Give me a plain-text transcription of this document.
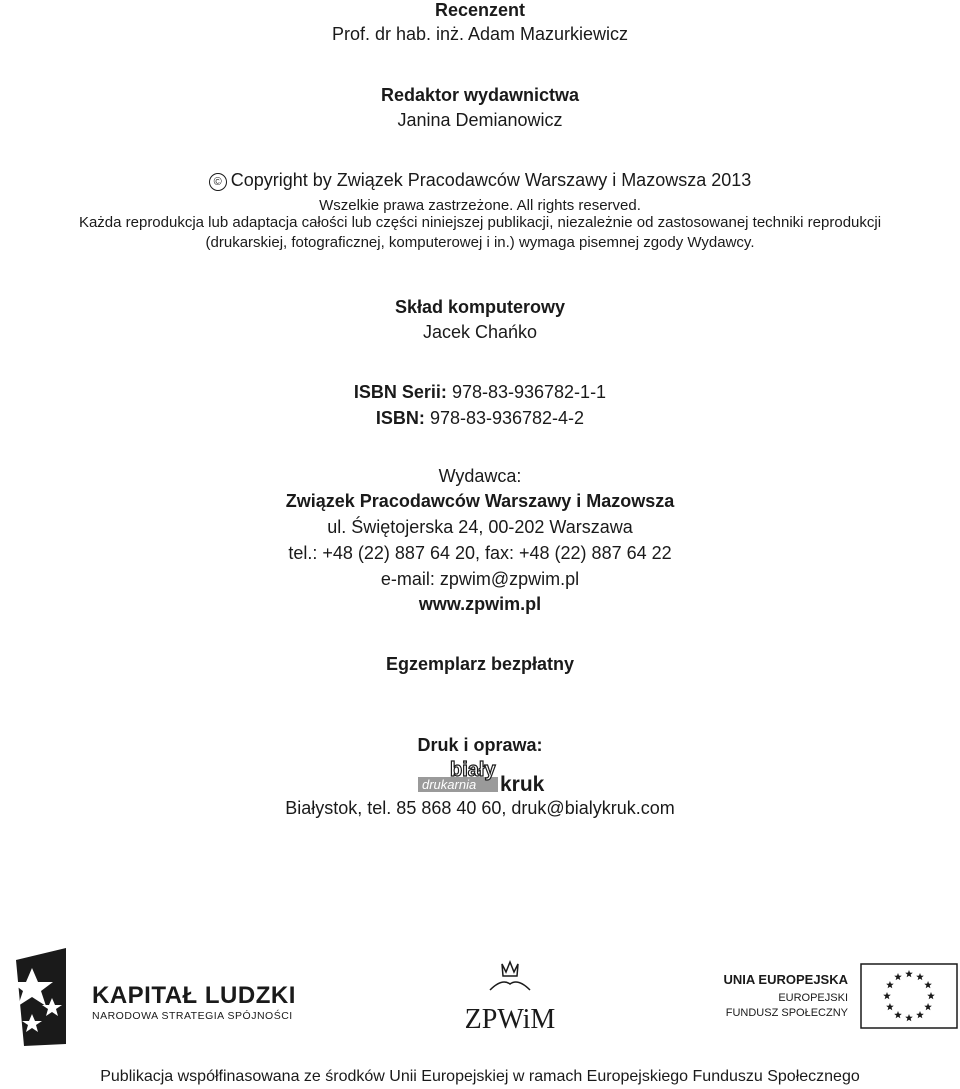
Recenzent
Prof. dr hab. inż. Adam Mazurkiewicz
Redaktor wydawnictwa
Janina Demianowicz
© Copyright by Związek Pracodawców Warszawy i Mazowsza 2013
Wszelkie prawa zastrzeżone. All rights reserved.
Każda reprodukcja lub adaptacja całości lub części niniejszej publikacji, niezależnie od zastosowanej techniki reprodukcji
(drukarskiej, fotograficznej, komputerowej i in.) wymaga pisemnej zgody Wydawcy.
Skład komputerowy
Jacek Chańko
ISBN Serii: 978-83-936782-1-1
ISBN: 978-83-936782-4-2
Wydawca:
Związek Pracodawców Warszawy i Mazowsza
ul. Świętojerska 24, 00-202 Warszawa
tel.: +48 (22) 887 64 20, fax: +48 (22) 887 64 22
e-mail: zpwim@zpwim.pl
www.zpwim.pl
Egzemplarz bezpłatny
Druk i oprawa:
biały
drukarnia kruk
Białystok, tel. 85 868 40 60, druk@bialykruk.com
KAPITAŁ LUDZKI
NARODOWA STRATEGIA SPÓJNOŚCI	ZPWiM
UNIA EUROPEJSKA
EUROPEJSKI
FUNDUSZ SPOŁECZNY
Publikacja współfinasowana ze środków Unii Europejskiej w ramach Europejskiego Funduszu Społecznego
